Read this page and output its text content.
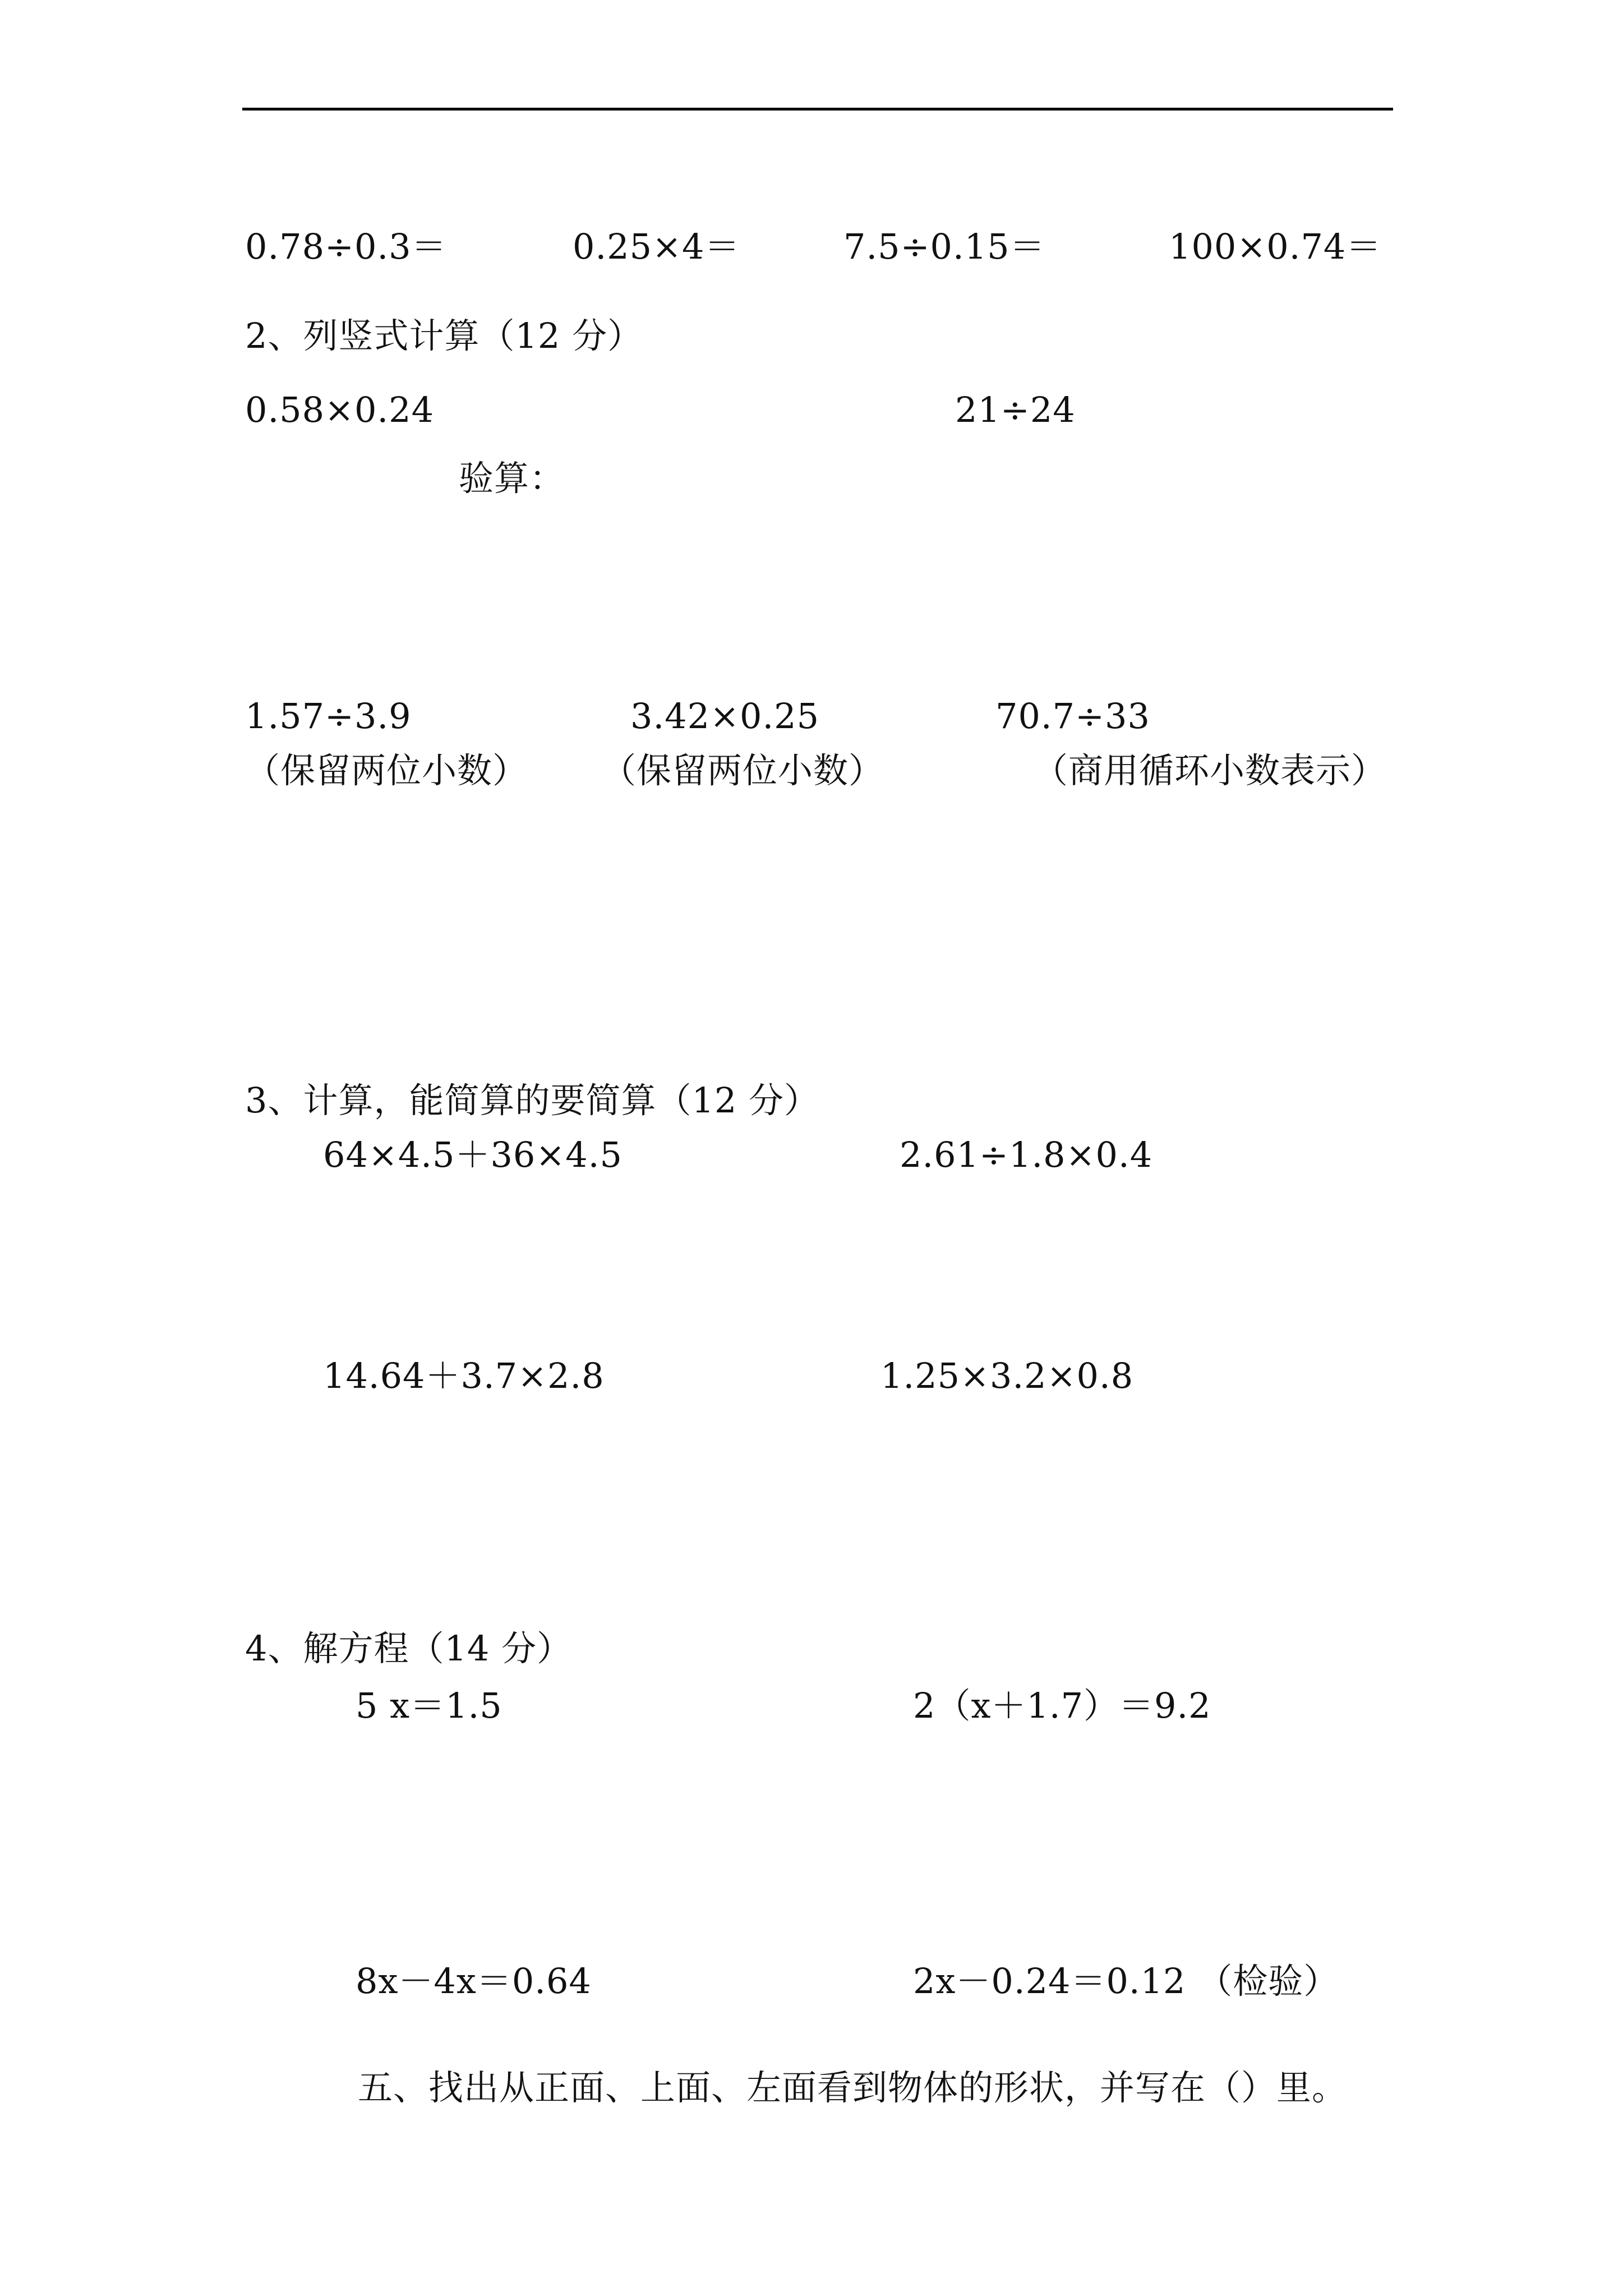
0.78÷0.3＝	0.25×4＝	7.5÷0.15＝	100×0.74＝
2、列竖式计算（12 分）
0.58×0.24	21÷24
验算：
1.57÷3.9	3.42×0.25	70.7÷33
（保留两位小数） （保留两位小数）	（商用循环小数表示）
3、计算，能简算的要简算（12 分）
64×4.5＋36×4.5	2.61÷1.8×0.4
14.64＋3.7×2.8	1.25×3.2×0.8
4、解方程（14 分）
5 x＝1.5	2（x＋1.7）＝9.2
8x－4x＝0.64	2x－0.24＝0.12 （检验）
五、找出从正面、上面、左面看到物体的形状，并写在（）里。
